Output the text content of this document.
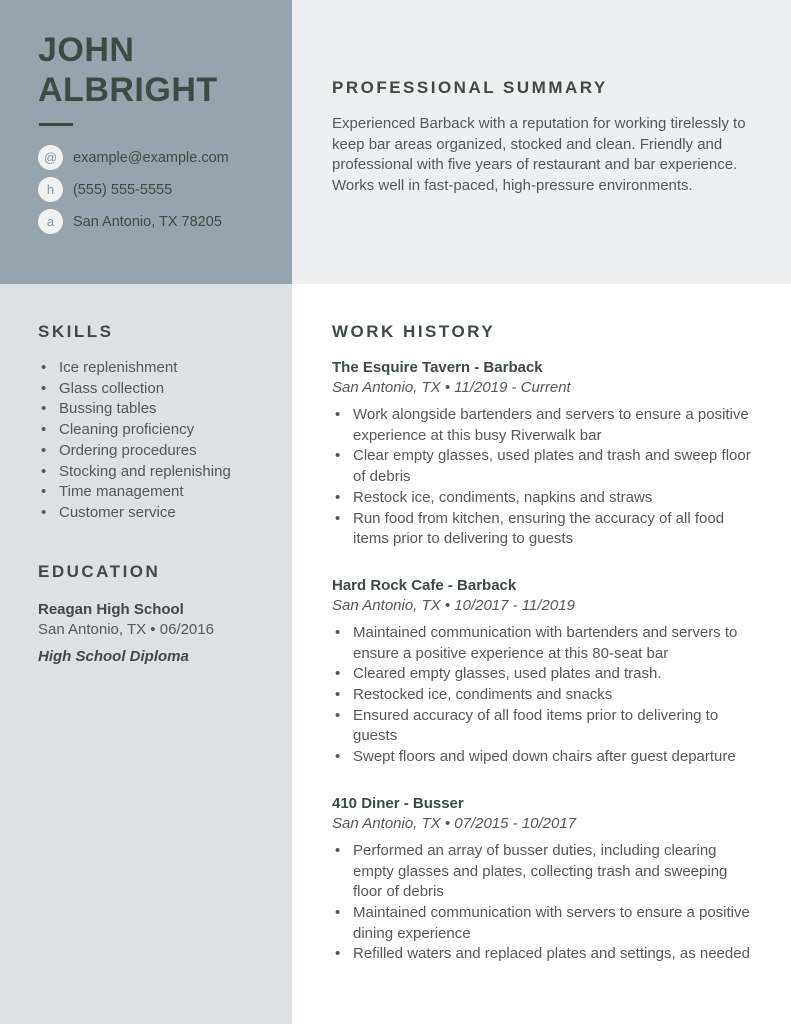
JOHN
ALBRIGHT
@	example@example.com
h	(555) 555-5555
a	San Antonio, TX 78205
PROFESSIONAL SUMMARY
Experienced Barback with a reputation for working tirelessly to keep bar areas organized, stocked and clean. Friendly and professional with five years of restaurant and bar experience. Works well in fast-paced, high-pressure environments.
SKILLS
• Ice replenishment
• Glass collection
• Bussing tables
• Cleaning proficiency
• Ordering procedures
• Stocking and replenishing
• Time management
• Customer service
EDUCATION
Reagan High School
San Antonio, TX • 06/2016
High School Diploma
WORK HISTORY
The Esquire Tavern - Barback
San Antonio, TX • 11/2019 - Current
• Work alongside bartenders and servers to ensure a positive experience at this busy Riverwalk bar
• Clear empty glasses, used plates and trash and sweep floor of debris
• Restock ice, condiments, napkins and straws
• Run food from kitchen, ensuring the accuracy of all food items prior to delivering to guests
Hard Rock Cafe - Barback
San Antonio, TX • 10/2017 - 11/2019
• Maintained communication with bartenders and servers to ensure a positive experience at this 80-seat bar
• Cleared empty glasses, used plates and trash.
• Restocked ice, condiments and snacks
• Ensured accuracy of all food items prior to delivering to guests
• Swept floors and wiped down chairs after guest departure
410 Diner - Busser
San Antonio, TX • 07/2015 - 10/2017
• Performed an array of busser duties, including clearing empty glasses and plates, collecting trash and sweeping floor of debris
• Maintained communication with servers to ensure a positive dining experience
• Refilled waters and replaced plates and settings, as needed
